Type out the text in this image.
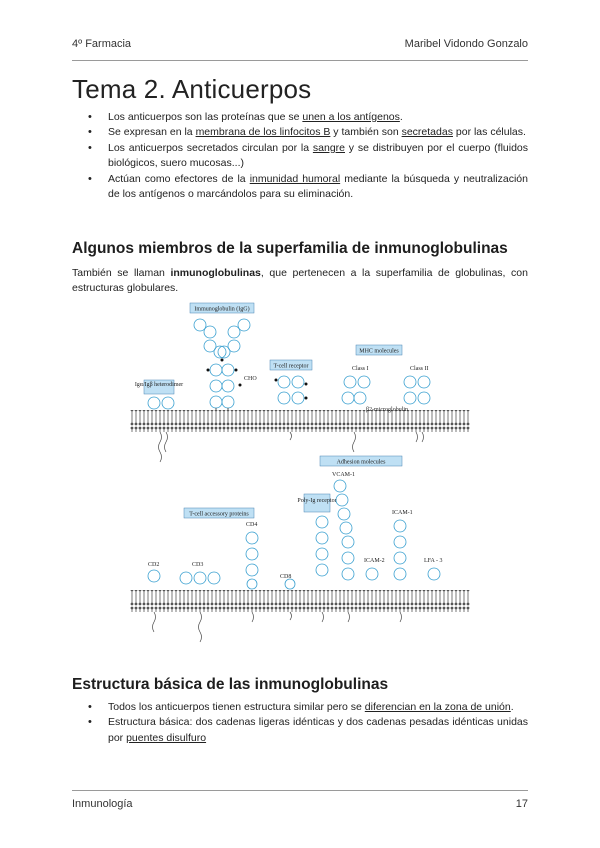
4º Farmacia	Maribel Vidondo Gonzalo
Tema 2. Anticuerpos
• Los anticuerpos son las proteínas que se unen a los antígenos.
• Se expresan en la membrana de los linfocitos B y también son secretadas por las células.
• Los anticuerpos secretados circulan por la sangre y se distribuyen por el cuerpo (fluidos biológicos, suero mucosas...)
• Actúan como efectores de la inmunidad humoral mediante la búsqueda y neutralización de los antígenos o marcándolos para su eliminación.
Algunos miembros de la superfamilia de inmunoglobulinas

También se llaman inmunoglobulinas, que pertenecen a la superfamilia de globulinas, con estructuras globulares.

Immunoglobulin (IgG)
CHO
Igα/Igβ heterodimer
T-cell receptor
MHC molecules
Class I	Class II
β2-microglobulin
Adhesion molecules
VCAM-1
ICAM-1
ICAM-2	LFA - 3
Poly-Ig receptor
T-cell accessory proteins
CD2	CD3
CD4
CD8
Estructura básica de las inmunoglobulinas
• Todos los anticuerpos tienen estructura similar pero se diferencian en la zona de unión.
• Estructura básica: dos cadenas ligeras idénticas y dos cadenas pesadas idénticas unidas por puentes disulfuro
Inmunología	17
